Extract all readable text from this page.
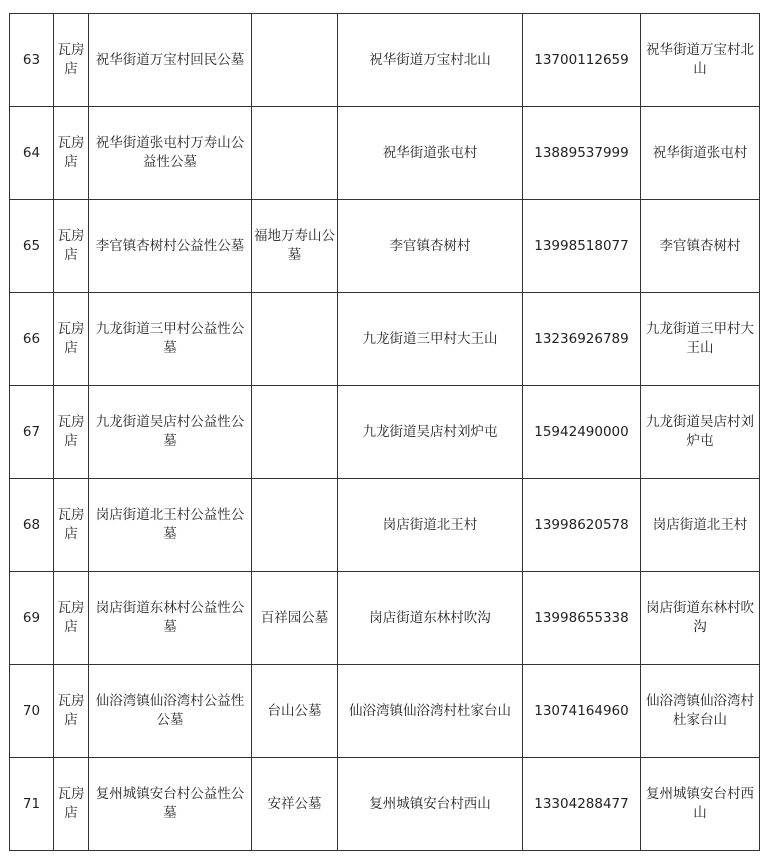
63	瓦房店	祝华街道万宝村回民公墓		祝华街道万宝村北山	13700112659	祝华街道万宝村北山
64	瓦房店	祝华街道张屯村万寿山公益性公墓		祝华街道张屯村	13889537999	祝华街道张屯村
65	瓦房店	李官镇杏树村公益性公墓	福地万寿山公墓	李官镇杏树村	13998518077	李官镇杏树村
66	瓦房店	九龙街道三甲村公益性公墓		九龙街道三甲村大王山	13236926789	九龙街道三甲村大王山
67	瓦房店	九龙街道吴店村公益性公墓		九龙街道吴店村刘炉屯	15942490000	九龙街道吴店村刘炉屯
68	瓦房店	岗店街道北王村公益性公墓		岗店街道北王村	13998620578	岗店街道北王村
69	瓦房店	岗店街道东林村公益性公墓	百祥园公墓	岗店街道东林村吹沟	13998655338	岗店街道东林村吹沟
70	瓦房店	仙浴湾镇仙浴湾村公益性公墓	台山公墓	仙浴湾镇仙浴湾村杜家台山	13074164960	仙浴湾镇仙浴湾村杜家台山
71	瓦房店	复州城镇安台村公益性公墓	安祥公墓	复州城镇安台村西山	13304288477	复州城镇安台村西山
